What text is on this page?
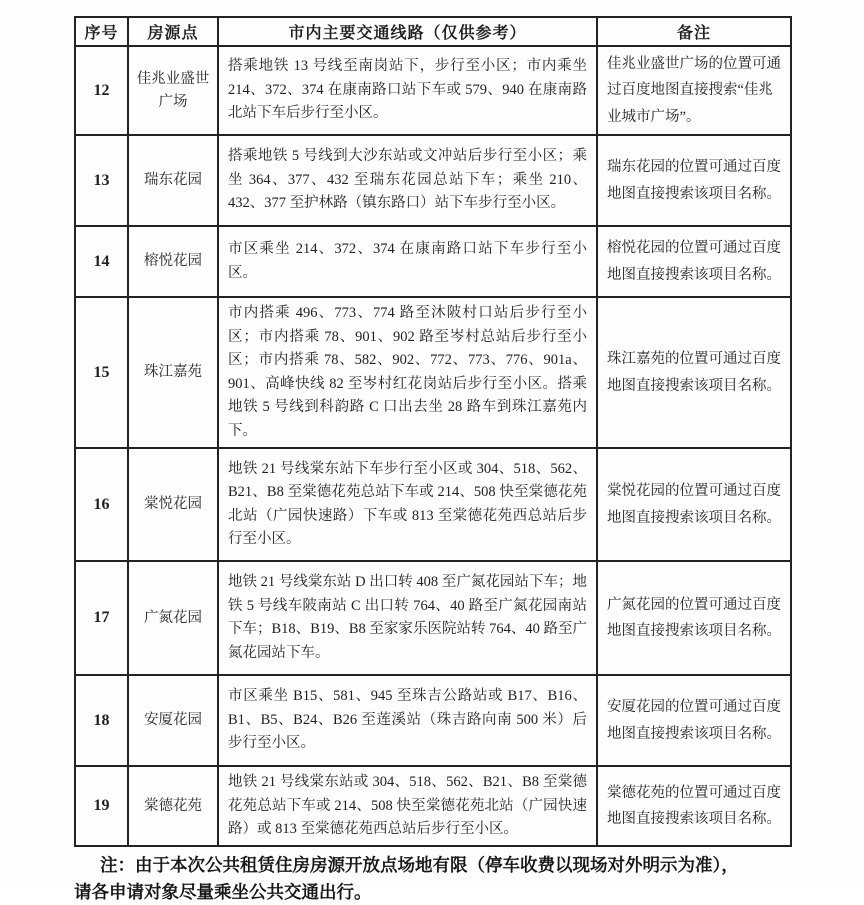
序号	房源点	市内主要交通线路（仅供参考）	备注
12	佳兆业盛世广场	搭乘地铁 13 号线至南岗站下，步行至小区；市内乘坐 214、372、374 在康南路口站下车或 579、940 在康南路北站下车后步行至小区。	佳兆业盛世广场的位置可通过百度地图直接搜索“佳兆业城市广场”。
13	瑞东花园	搭乘地铁 5 号线到大沙东站或文冲站后步行至小区；乘坐 364、377、432 至瑞东花园总站下车；乘坐 210、432、377 至护林路（镇东路口）站下车步行至小区。	瑞东花园的位置可通过百度地图直接搜索该项目名称。
14	榕悦花园	市区乘坐 214、372、374 在康南路口站下车步行至小区。	榕悦花园的位置可通过百度地图直接搜索该项目名称。
15	珠江嘉苑	市内搭乘 496、773、774 路至沐陂村口站后步行至小区；市内搭乘 78、901、902 路至岑村总站后步行至小区；市内搭乘 78、582、902、772、773、776、901a、901、高峰快线 82 至岑村红花岗站后步行至小区。搭乘地铁 5 号线到科韵路 C 口出去坐 28 路车到珠江嘉苑内下。	珠江嘉苑的位置可通过百度地图直接搜索该项目名称。
16	棠悦花园	地铁 21 号线棠东站下车步行至小区或 304、518、562、B21、B8 至棠德花苑总站下车或 214、508 快至棠德花苑北站（广园快速路）下车或 813 至棠德花苑西总站后步行至小区。	棠悦花园的位置可通过百度地图直接搜索该项目名称。
17	广氮花园	地铁 21 号线棠东站 D 出口转 408 至广氮花园站下车；地铁 5 号线车陂南站 C 出口转 764、40 路至广氮花园南站下车；B18、B19、B8 至家家乐医院站转 764、40 路至广氮花园站下车。	广氮花园的位置可通过百度地图直接搜索该项目名称。
18	安厦花园	市区乘坐 B15、581、945 至珠吉公路站或 B17、B16、B1、B5、B24、B26 至莲溪站（珠吉路向南 500 米）后步行至小区。	安厦花园的位置可通过百度地图直接搜索该项目名称。
19	棠德花苑	地铁 21 号线棠东站或 304、518、562、B21、B8 至棠德花苑总站下车或 214、508 快至棠德花苑北站（广园快速路）或 813 至棠德花苑西总站后步行至小区。	棠德花苑的位置可通过百度地图直接搜索该项目名称。
注：由于本次公共租赁住房房源开放点场地有限（停车收费以现场对外明示为准），
请各申请对象尽量乘坐公共交通出行。
